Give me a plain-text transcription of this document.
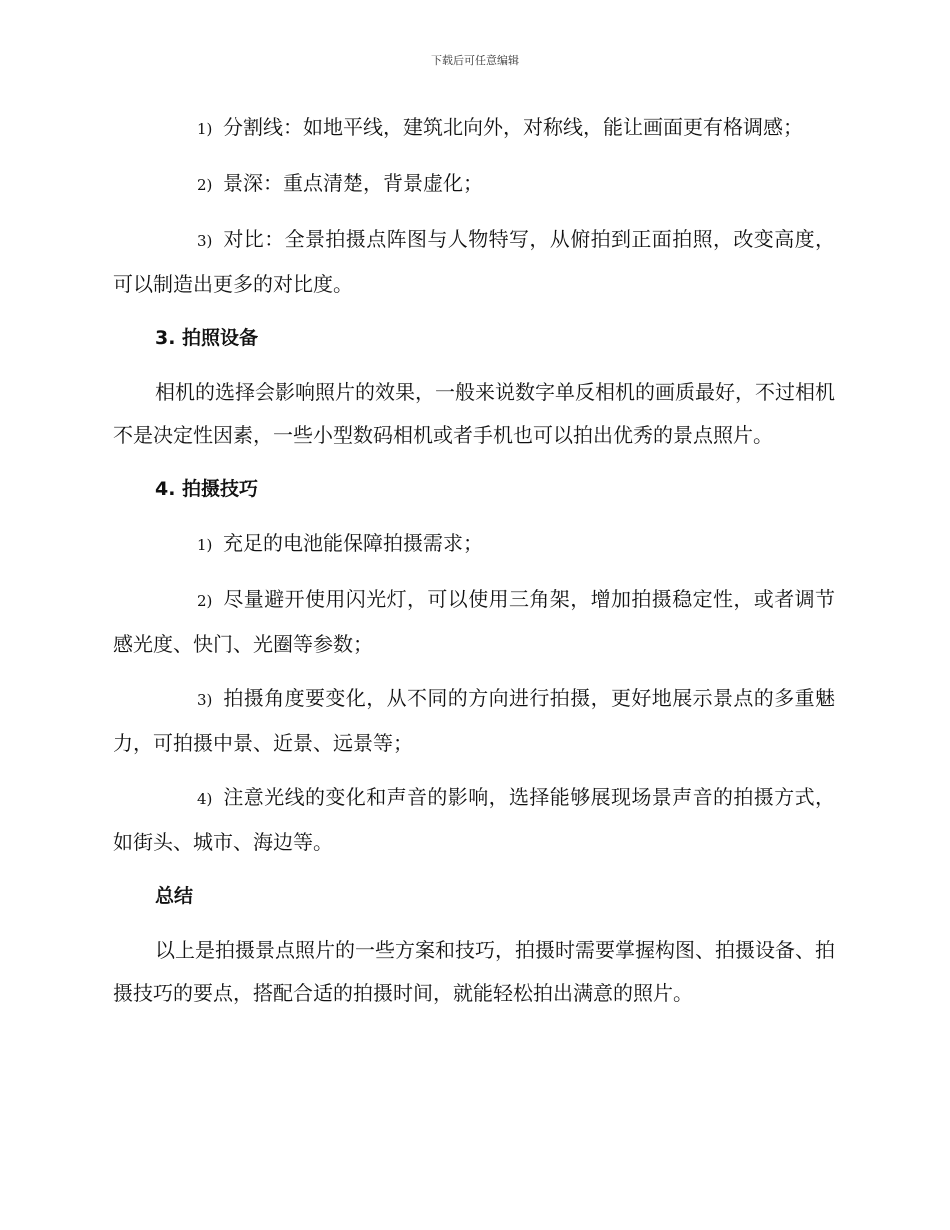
下载后可任意编辑

1) 分割线：如地平线，建筑北向外，对称线，能让画面更有格调感；

2) 景深：重点清楚，背景虚化；

3) 对比：全景拍摄点阵图与人物特写，从俯拍到正面拍照，改变高度，可以制造出更多的对比度。

3. 拍照设备

相机的选择会影响照片的效果，一般来说数字单反相机的画质最好，不过相机不是决定性因素，一些小型数码相机或者手机也可以拍出优秀的景点照片。

4. 拍摄技巧

1) 充足的电池能保障拍摄需求；

2) 尽量避开使用闪光灯，可以使用三角架，增加拍摄稳定性，或者调节感光度、快门、光圈等参数；

3) 拍摄角度要变化，从不同的方向进行拍摄，更好地展示景点的多重魅力，可拍摄中景、近景、远景等；

4) 注意光线的变化和声音的影响，选择能够展现场景声音的拍摄方式，如街头、城市、海边等。

总结

以上是拍摄景点照片的一些方案和技巧，拍摄时需要掌握构图、拍摄设备、拍摄技巧的要点，搭配合适的拍摄时间，就能轻松拍出满意的照片。
